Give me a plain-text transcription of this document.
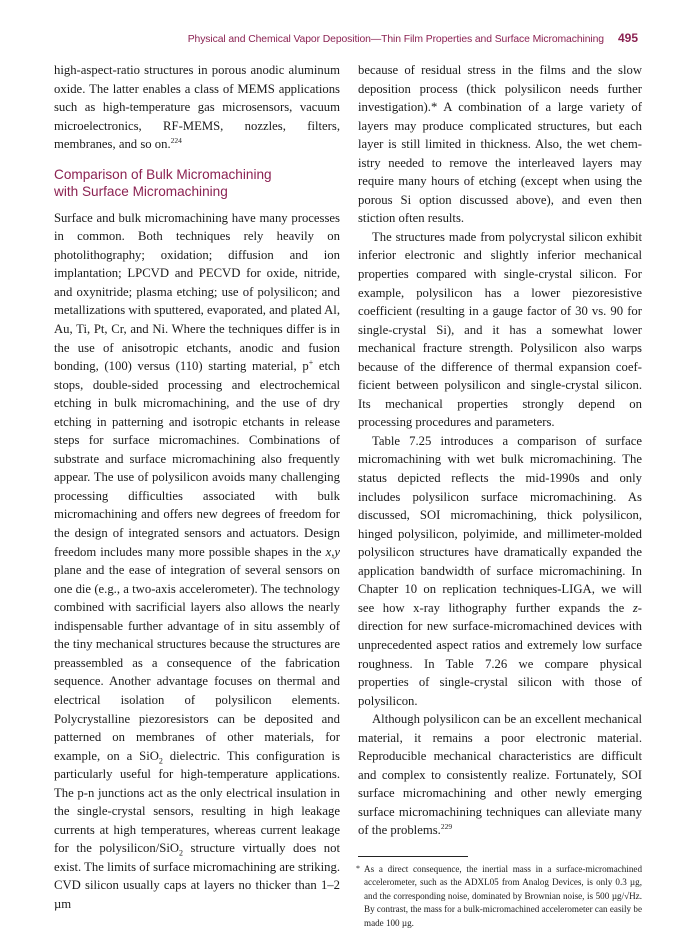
Physical and Chemical Vapor Deposition—Thin Film Properties and Surface Micromachining 495

high-aspect-ratio structures in porous anodic aluminum oxide. The latter enables a class of MEMS applications such as high-temperature gas microsensors, vacuum microelectronics, RF-MEMS, nozzles, filters, membranes, and so on.$^{224}$

Comparison of Bulk Micromachining
with Surface Micromachining

Surface and bulk micromachining have many processes in common. Both techniques rely heavily on photolithography; oxidation; diffusion and ion implantation; LPCVD and PECVD for oxide, nitride, and oxynitride; plasma etching; use of polysilicon; and metallizations with sputtered, evaporated, and plated Al, Au, Ti, Pt, Cr, and Ni. Where the techniques differ is in the use of anisotropic etchants, anodic and fusion bonding, (100) versus (110) starting material, p+ etch stops, double-sided processing and electrochemical etching in bulk micromachining, and the use of dry etching in patterning and isotropic etchants in release steps for surface micromachines. Combinations of substrate and surface micromachining also frequently appear. The use of polysilicon avoids many challenging processing difficulties associated with bulk micromachining and offers new degrees of freedom for the design of integrated sensors and actuators. Design freedom includes many more possible shapes in the x,y plane and the ease of integration of several sensors on one die (e.g., a two-axis accelerometer). The technology combined with sacrificial layers also allows the nearly indispensable further advantage of in situ assembly of the tiny mechanical structures because the structures are preassembled as a consequence of the fabrication sequence. Another advantage focuses on thermal and electrical isolation of polysilicon elements. Polycrystalline piezoresistors can be deposited and patterned on membranes of other materials, for example, on a SiO$_2$ dielectric. This configuration is particularly useful for high-temperature applications. The p-n junctions act as the only electrical insulation in the single-crystal sensors, resulting in high leakage currents at high temperatures, whereas current leakage for the polysilicon/SiO$_2$ structure virtually does not exist. The limits of surface micromachining are striking. CVD silicon usually caps at layers no thicker than 1–2 µm

because of residual stress in the films and the slow deposition process (thick polysilicon needs further investigation).* A combination of a large variety of layers may produce complicated structures, but each layer is still limited in thickness. Also, the wet chemistry needed to remove the interleaved layers may require many hours of etching (except when using the porous Si option discussed above), and even then stiction often results.

The structures made from polycrystal silicon exhibit inferior electronic and slightly inferior mechanical properties compared with single-crystal silicon. For example, polysilicon has a lower piezoresistive coefficient (resulting in a gauge factor of 30 vs. 90 for single-crystal Si), and it has a somewhat lower mechanical fracture strength. Polysilicon also warps because of the difference of thermal expansion coefficient between polysilicon and single-crystal silicon. Its mechanical properties strongly depend on processing procedures and parameters.

Table 7.25 introduces a comparison of surface micromachining with wet bulk micromachining. The status depicted reflects the mid-1990s and only includes polysilicon surface micromachining. As discussed, SOI micromachining, thick polysilicon, hinged polysilicon, polyimide, and millimeter-molded polysilicon structures have dramatically expanded the application bandwidth of surface micromachining. In Chapter 10 on replication techniques-LIGA, we will see how x-ray lithography further expands the z-direction for new surface-micromachined devices with unprecedented aspect ratios and extremely low surface roughness. In Table 7.26 we compare physical properties of single-crystal silicon with those of polysilicon.

Although polysilicon can be an excellent mechanical material, it remains a poor electronic material. Reproducible mechanical characteristics are difficult and complex to consistently realize. Fortunately, SOI surface micromachining and other newly emerging surface micromachining techniques can alleviate many of the problems.$^{229}$

* As a direct consequence, the inertial mass in a surface-micromachined accelerometer, such as the ADXL05 from Analog Devices, is only 0.3 µg, and the corresponding noise, dominated by Brownian noise, is 500 µg/√Hz. By contrast, the mass for a bulk-micromachined accelerometer can easily be made 100 µg.
